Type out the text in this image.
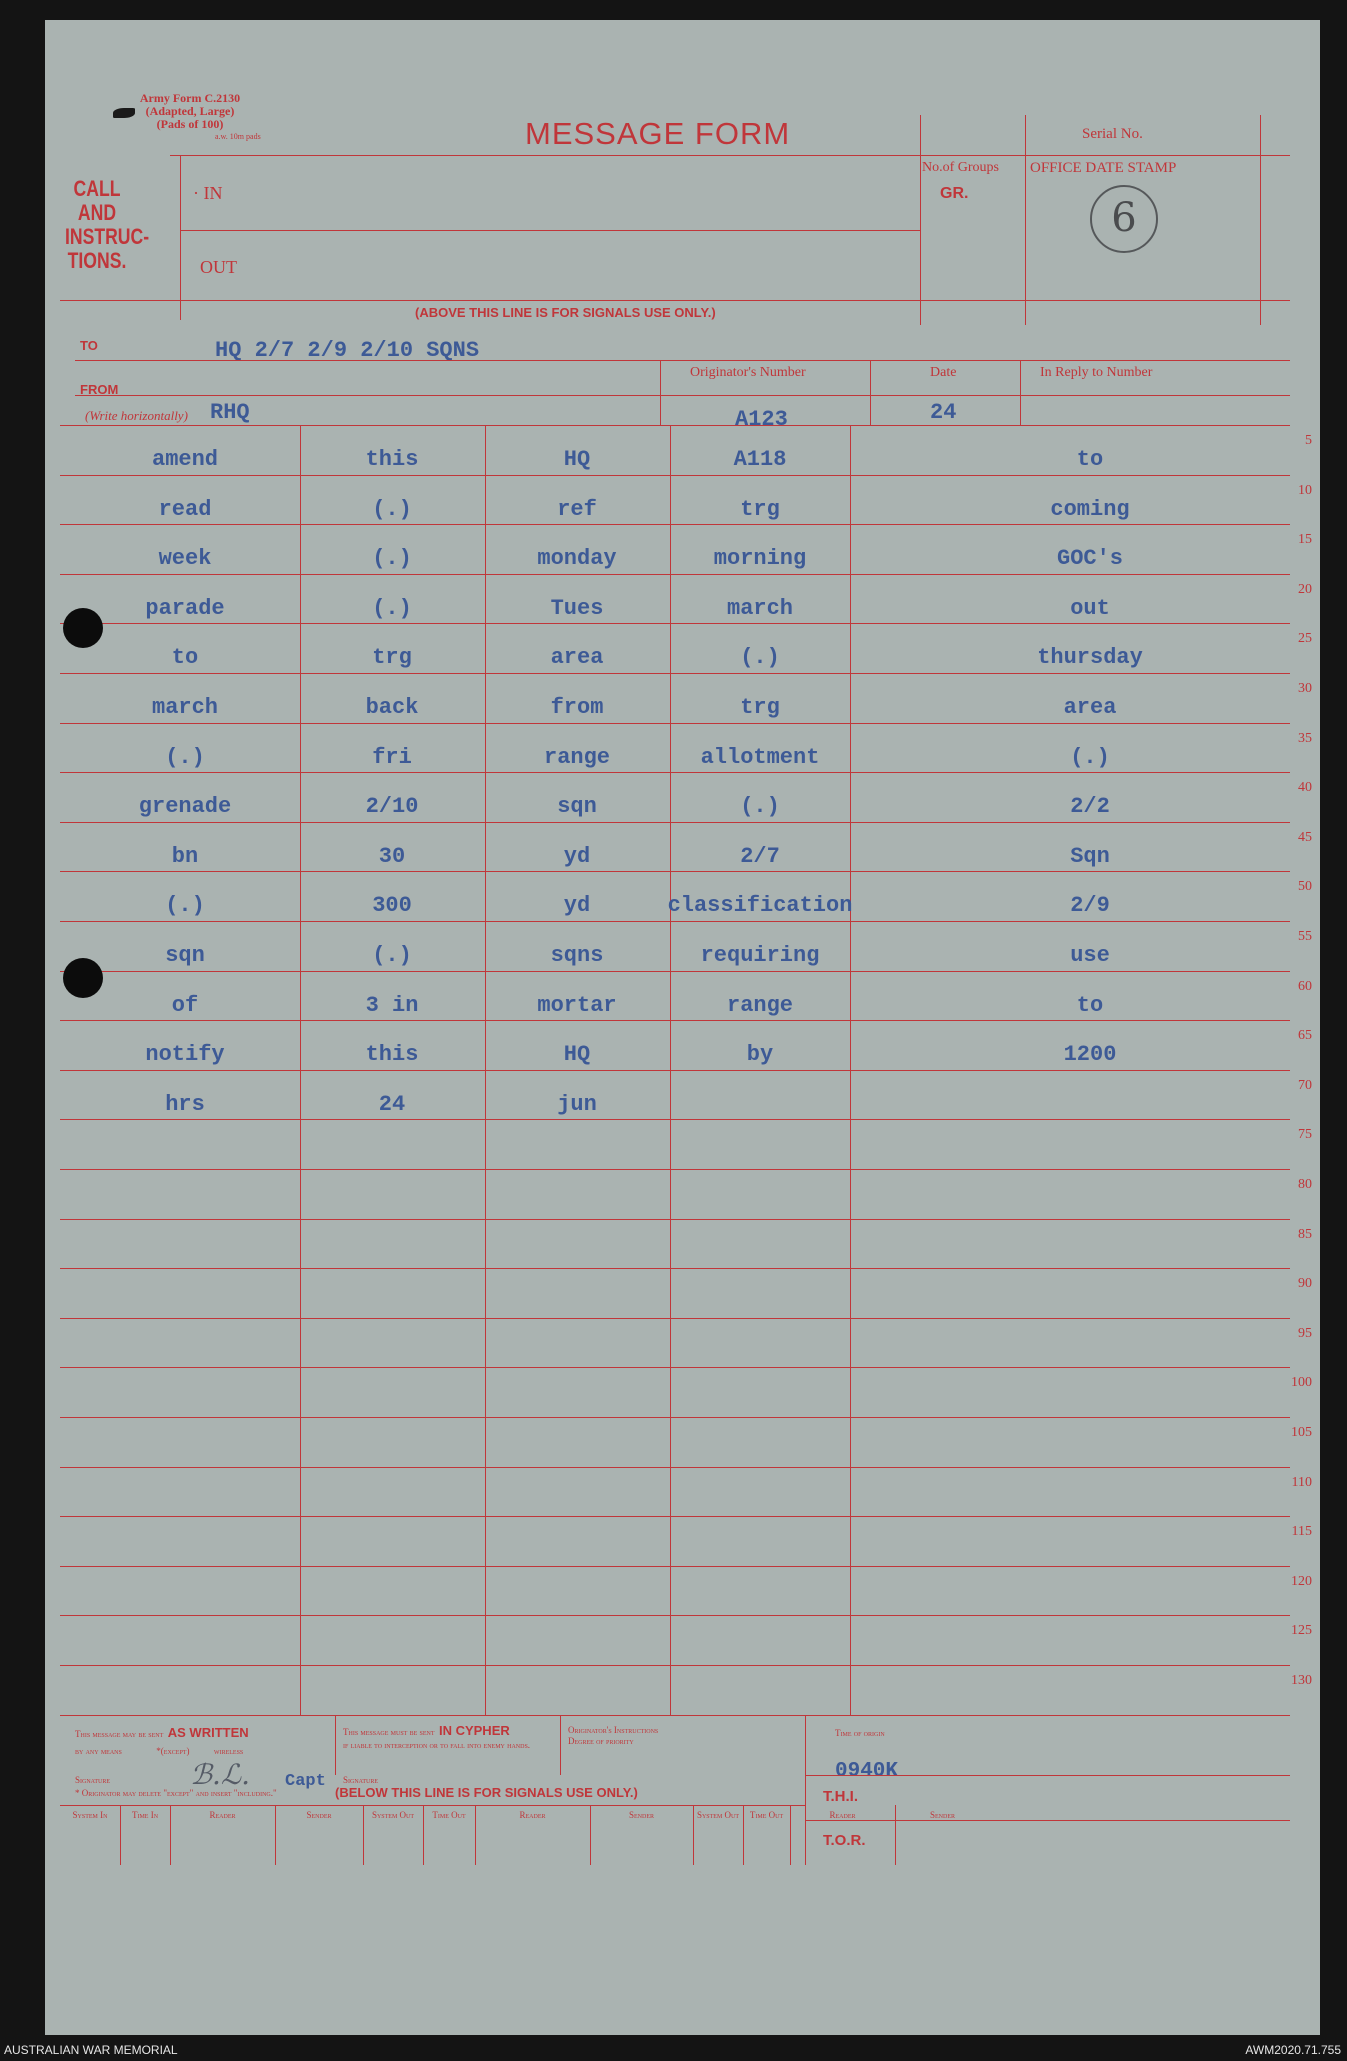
Army Form C.2130
(Adapted, Large)
(Pads of 100)
a.w. 10m pads	MESSAGE FORM	Serial No.
No.of Groups
GR.
OFFICE DATE STAMP
6
CALL
AND
INSTRUC-
TIONS.
· IN
OUT
(ABOVE THIS LINE IS FOR SIGNALS USE ONLY.)
TO	HQ 2/7 2/9 2/10 SQNS
FROM
Originator's Number	Date	In Reply to Number
RHQ	A123	24
(Write horizontally)
amend	this	HQ	A118	to
read	(.)	ref	trg	coming
week	(.)	monday	morning	GOC's
parade	(.)	Tues	march	out
to	trg	area	(.)	thursday
march	back	from	trg	area
(.)	fri	range	allotment	(.)
grenade	2/10	sqn	(.)	2/2
bn	30	yd	2/7	Sqn
(.)	300	yd	classification	2/9
sqn	(.)	sqns	requiring	use
of	3 in	mortar	range	to
notify	this	HQ	by	1200
hrs	24	jun
5
10
15
20
25
30
35
40
45
50
55
60
65
70
75
80
85
90
95
100
105
110
115
120
125
130
This message may be sent AS WRITTEN
by any means	*(except)	wireless
Signature	ℬ.ℒ. Capt
* Originator may delete "except" and insert "including."
This message must be sent IN CYPHER
if liable to interception or to fall into enemy hands.
Signature
Originator's Instructions
Degree of priority
Time of origin
0940K
(BELOW THIS LINE IS FOR SIGNALS USE ONLY.)	T.H.I.
T.O.R.
System In	Time In	Reader	Sender	System Out	Time Out	Reader	Sender	System Out	Time Out	Reader	Sender
AUSTRALIAN WAR MEMORIAL	AWM2020.71.755
